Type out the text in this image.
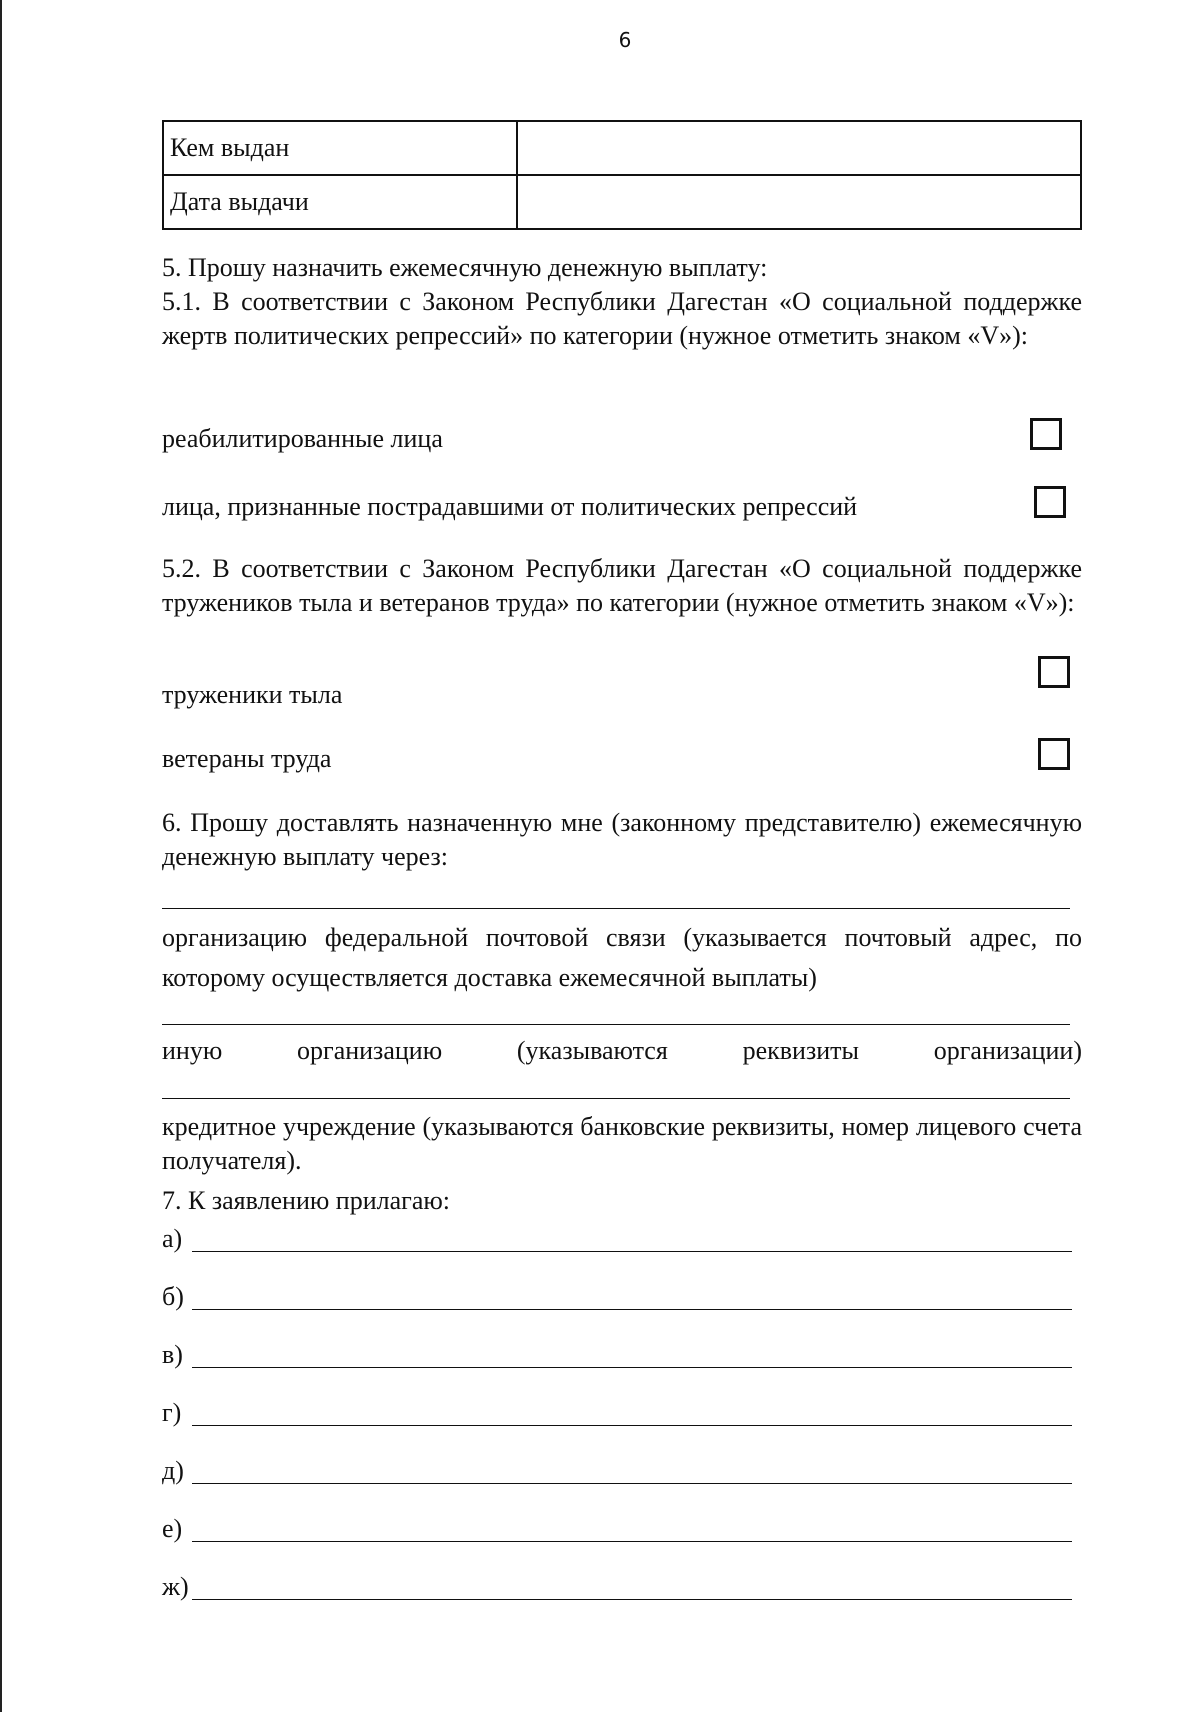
6
Кем выдан	
Дата выдачи	
5. Прошу назначить ежемесячную денежную выплату:
5.1. В соответствии с Законом Республики Дагестан «О социальной поддержке жертв политических репрессий» по категории (нужное отметить знаком «V»):
реабилитированные лица
лица, признанные пострадавшими от политических репрессий
5.2. В соответствии с Законом Республики Дагестан «О социальной поддержке тружеников тыла и ветеранов труда» по категории (нужное отметить знаком «V»):
труженики тыла
ветераны труда
6. Прошу доставлять назначенную мне (законному представителю) ежемесячную денежную выплату через:
организацию федеральной почтовой связи (указывается почтовый адрес, по которому осуществляется доставка ежемесячной выплаты)
иную организацию (указываются реквизиты организации)
кредитное учреждение (указываются банковские реквизиты, номер лицевого счета получателя).
7. К заявлению прилагаю:
а)
б)
в)
г)
д)
е)
ж)
